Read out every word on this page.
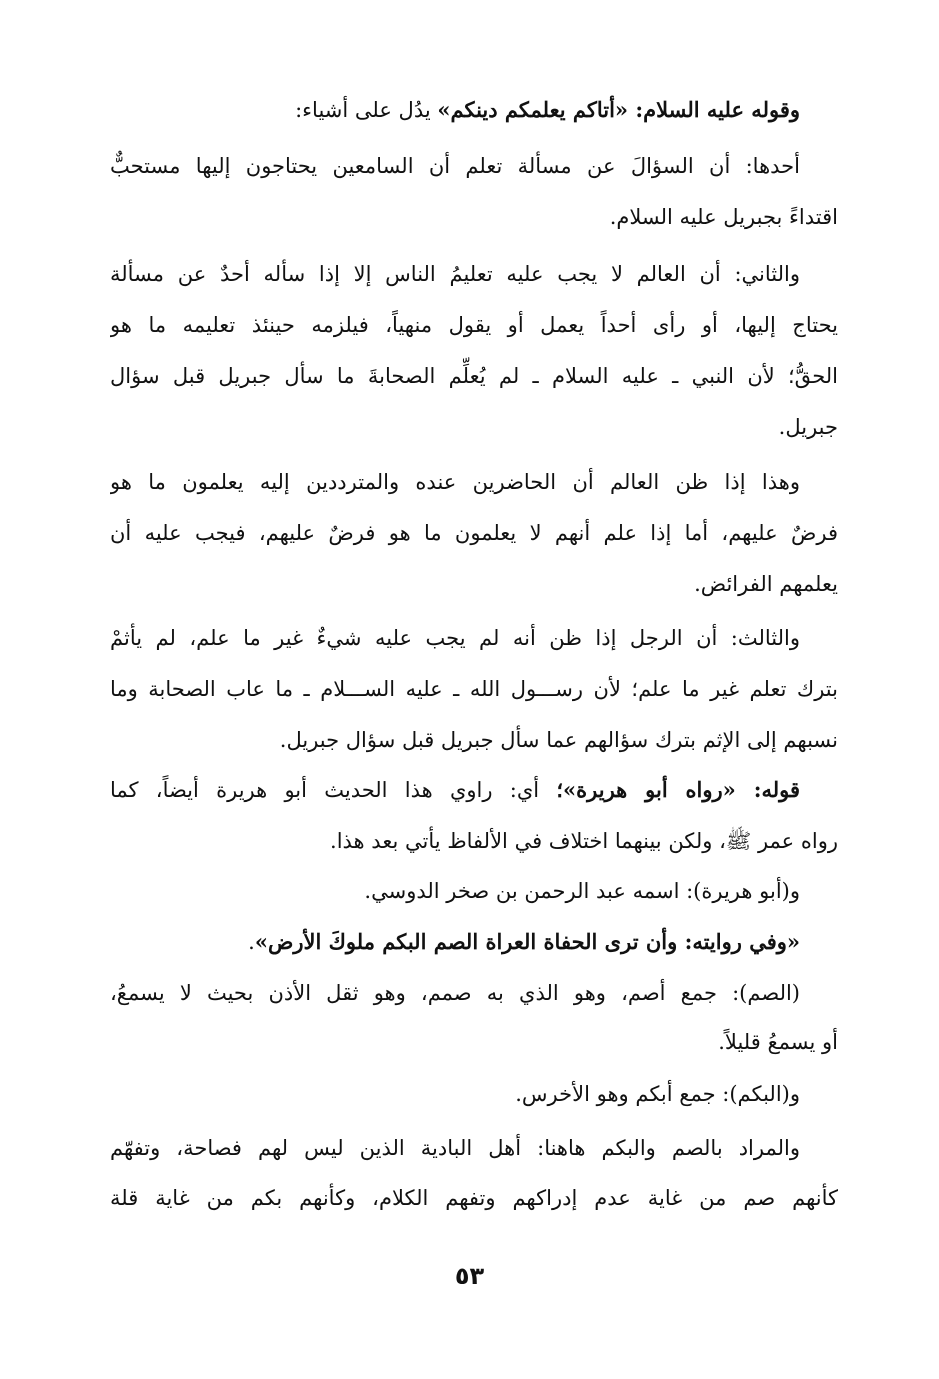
وقوله عليه السلام: «أتاكم يعلمكم دينكم» يدُل على أشياء:
أحدها: أن السؤالَ عن مسألة تعلم أن السامعين يحتاجون إليها مستحبٌّ
اقتداءً بجبريل عليه السلام.
والثاني: أن العالم لا يجب عليه تعليمُ الناس إلا إذا سأله أحدٌ عن مسألة
يحتاج إليها، أو رأى أحداً يعمل أو يقول منهياً، فيلزمه حينئذ تعليمه ما هو
الحقُّ؛ لأن النبي ـ عليه السلام ـ لم يُعلِّم الصحابةَ ما سأل جبريل قبل سؤال
جبريل.
وهذا إذا ظن العالم أن الحاضرين عنده والمترددين إليه يعلمون ما هو
فرضٌ عليهم، أما إذا علم أنهم لا يعلمون ما هو فرضٌ عليهم، فيجب عليه أن
يعلمهم الفرائض.
والثالث: أن الرجل إذا ظن أنه لم يجب عليه شيءٌ غير ما علم، لم يأثمْ
بترك تعلم غير ما علم؛ لأن رســـول الله ـ عليه الســـلام ـ ما عاب الصحابة وما
نسبهم إلى الإثم بترك سؤالهم عما سأل جبريل قبل سؤال جبريل.
قوله: «رواه أبو هريرة»؛ أي: راوي هذا الحديث أبو هريرة أيضاً، كما
رواه عمر ﷺ، ولكن بينهما اختلاف في الألفاظ يأتي بعد هذا.
و(أبو هريرة): اسمه عبد الرحمن بن صخر الدوسي.
«وفي روايته: وأن ترى الحفاة العراة الصم البكم ملوكَ الأرض».
(الصم): جمع أصم، وهو الذي به صمم، وهو ثقل الأذن بحيث لا يسمعُ،
أو يسمعُ قليلاً.
و(البكم): جمع أبكم وهو الأخرس.
والمراد بالصم والبكم هاهنا: أهل البادية الذين ليس لهم فصاحة، وتفهّم
كأنهم صم من غاية عدم إدراكهم وتفهم الكلام، وكأنهم بكم من غاية قلة
٥٣
